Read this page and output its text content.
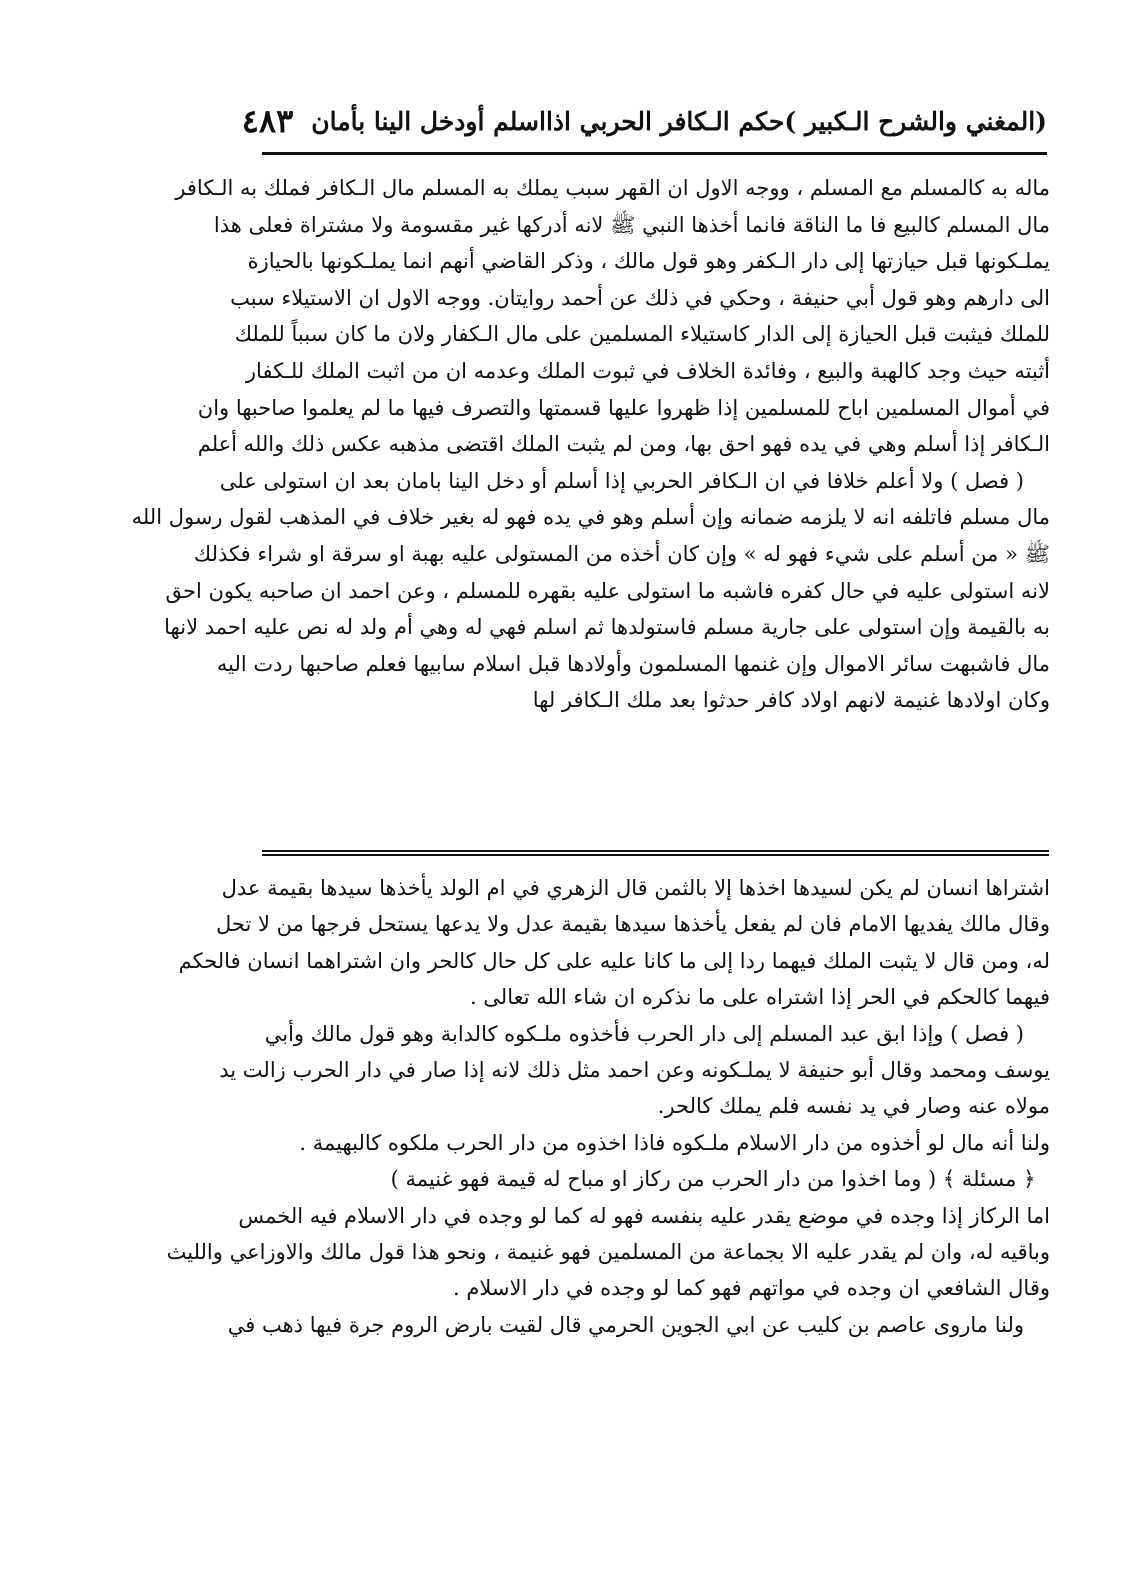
(المغني والشرح الـكبير )
حكم الـكافر الحربي اذااسلم أودخل الينا بأمان
٤٨٣
ماله به كالمسلم مع المسلم ، ووجه الاول ان القهر سبب يملك به المسلم مال الـكافر فملك به الـكافر
مال المسلم كالبيع فا ما الناقة فانما أخذها النبي ﷺ لانه أدركها غير مقسومة ولا مشتراة فعلى هذا
يملـكونها قبل حيازتها إلى دار الـكفر وهو قول مالك ، وذكر القاضي أنهم انما يملـكونها بالحيازة
الى دارهم وهو قول أبي حنيفة ، وحكي في ذلك عن أحمد روايتان. ووجه الاول ان الاستيلاء سبب
للملك فيثبت قبل الحيازة إلى الدار كاستيلاء المسلمين على مال الـكفار ولان ما كان سبباً للملك
أثبته حيث وجد كالهبة والبيع ، وفائدة الخلاف في ثبوت الملك وعدمه ان من اثبت الملك للـكفار
في أموال المسلمين اباح للمسلمين إذا ظهروا عليها قسمتها والتصرف فيها ما لم يعلموا صاحبها وان
الـكافر إذا أسلم وهي في يده فهو احق بها، ومن لم يثبت الملك اقتضى مذهبه عكس ذلك والله أعلم
( فصل ) ولا أعلم خلافا في ان الـكافر الحربي إذا أسلم أو دخل الينا بامان بعد ان استولى على
مال مسلم فاتلفه انه لا يلزمه ضمانه وإن أسلم وهو في يده فهو له بغير خلاف في المذهب لقول رسول الله
ﷺ « من أسلم على شيء فهو له » وإن كان أخذه من المستولى عليه بهبة او سرقة او شراء فكذلك
لانه استولى عليه في حال كفره فاشبه ما استولى عليه بقهره للمسلم ، وعن احمد ان صاحبه يكون احق
به بالقيمة وإن استولى على جارية مسلم فاستولدها ثم اسلم فهي له وهي أم ولد له نص عليه احمد لانها
مال فاشبهت سائر الاموال وإن غنمها المسلمون وأولادها قبل اسلام سابيها فعلم صاحبها ردت اليه
وكان اولادها غنيمة لانهم اولاد كافر حدثوا بعد ملك الـكافر لها
اشتراها انسان لم يكن لسيدها اخذها إلا بالثمن قال الزهري في ام الولد يأخذها سيدها بقيمة عدل
وقال مالك يفديها الامام فان لم يفعل يأخذها سيدها بقيمة عدل ولا يدعها يستحل فرجها من لا تحل
له، ومن قال لا يثبت الملك فيهما ردا إلى ما كانا عليه على كل حال كالحر وان اشتراهما انسان فالحكم
فيهما كالحكم في الحر إذا اشتراه على ما نذكره ان شاء الله تعالى .
( فصل ) وإذا ابق عبد المسلم إلى دار الحرب فأخذوه ملـكوه كالدابة وهو قول مالك وأبي
يوسف ومحمد وقال أبو حنيفة لا يملـكونه وعن احمد مثل ذلك لانه إذا صار في دار الحرب زالت يد
مولاه عنه وصار في يد نفسه فلم يملك كالحر.
ولنا أنه مال لو أخذوه من دار الاسلام ملـكوه فاذا اخذوه من دار الحرب ملكوه كالبهيمة .
﴿ مسئلة ﴾ ( وما اخذوا من دار الحرب من ركاز او مباح له قيمة فهو غنيمة )
اما الركاز إذا وجده في موضع يقدر عليه بنفسه فهو له كما لو وجده في دار الاسلام فيه الخمس
وباقيه له، وان لم يقدر عليه الا بجماعة من المسلمين فهو غنيمة ، ونحو هذا قول مالك والاوزاعي والليث
وقال الشافعي ان وجده في مواتهم فهو كما لو وجده في دار الاسلام .
ولنا ماروى عاصم بن كليب عن ابي الجوين الحرمي قال لقيت بارض الروم جرة فيها ذهب في
